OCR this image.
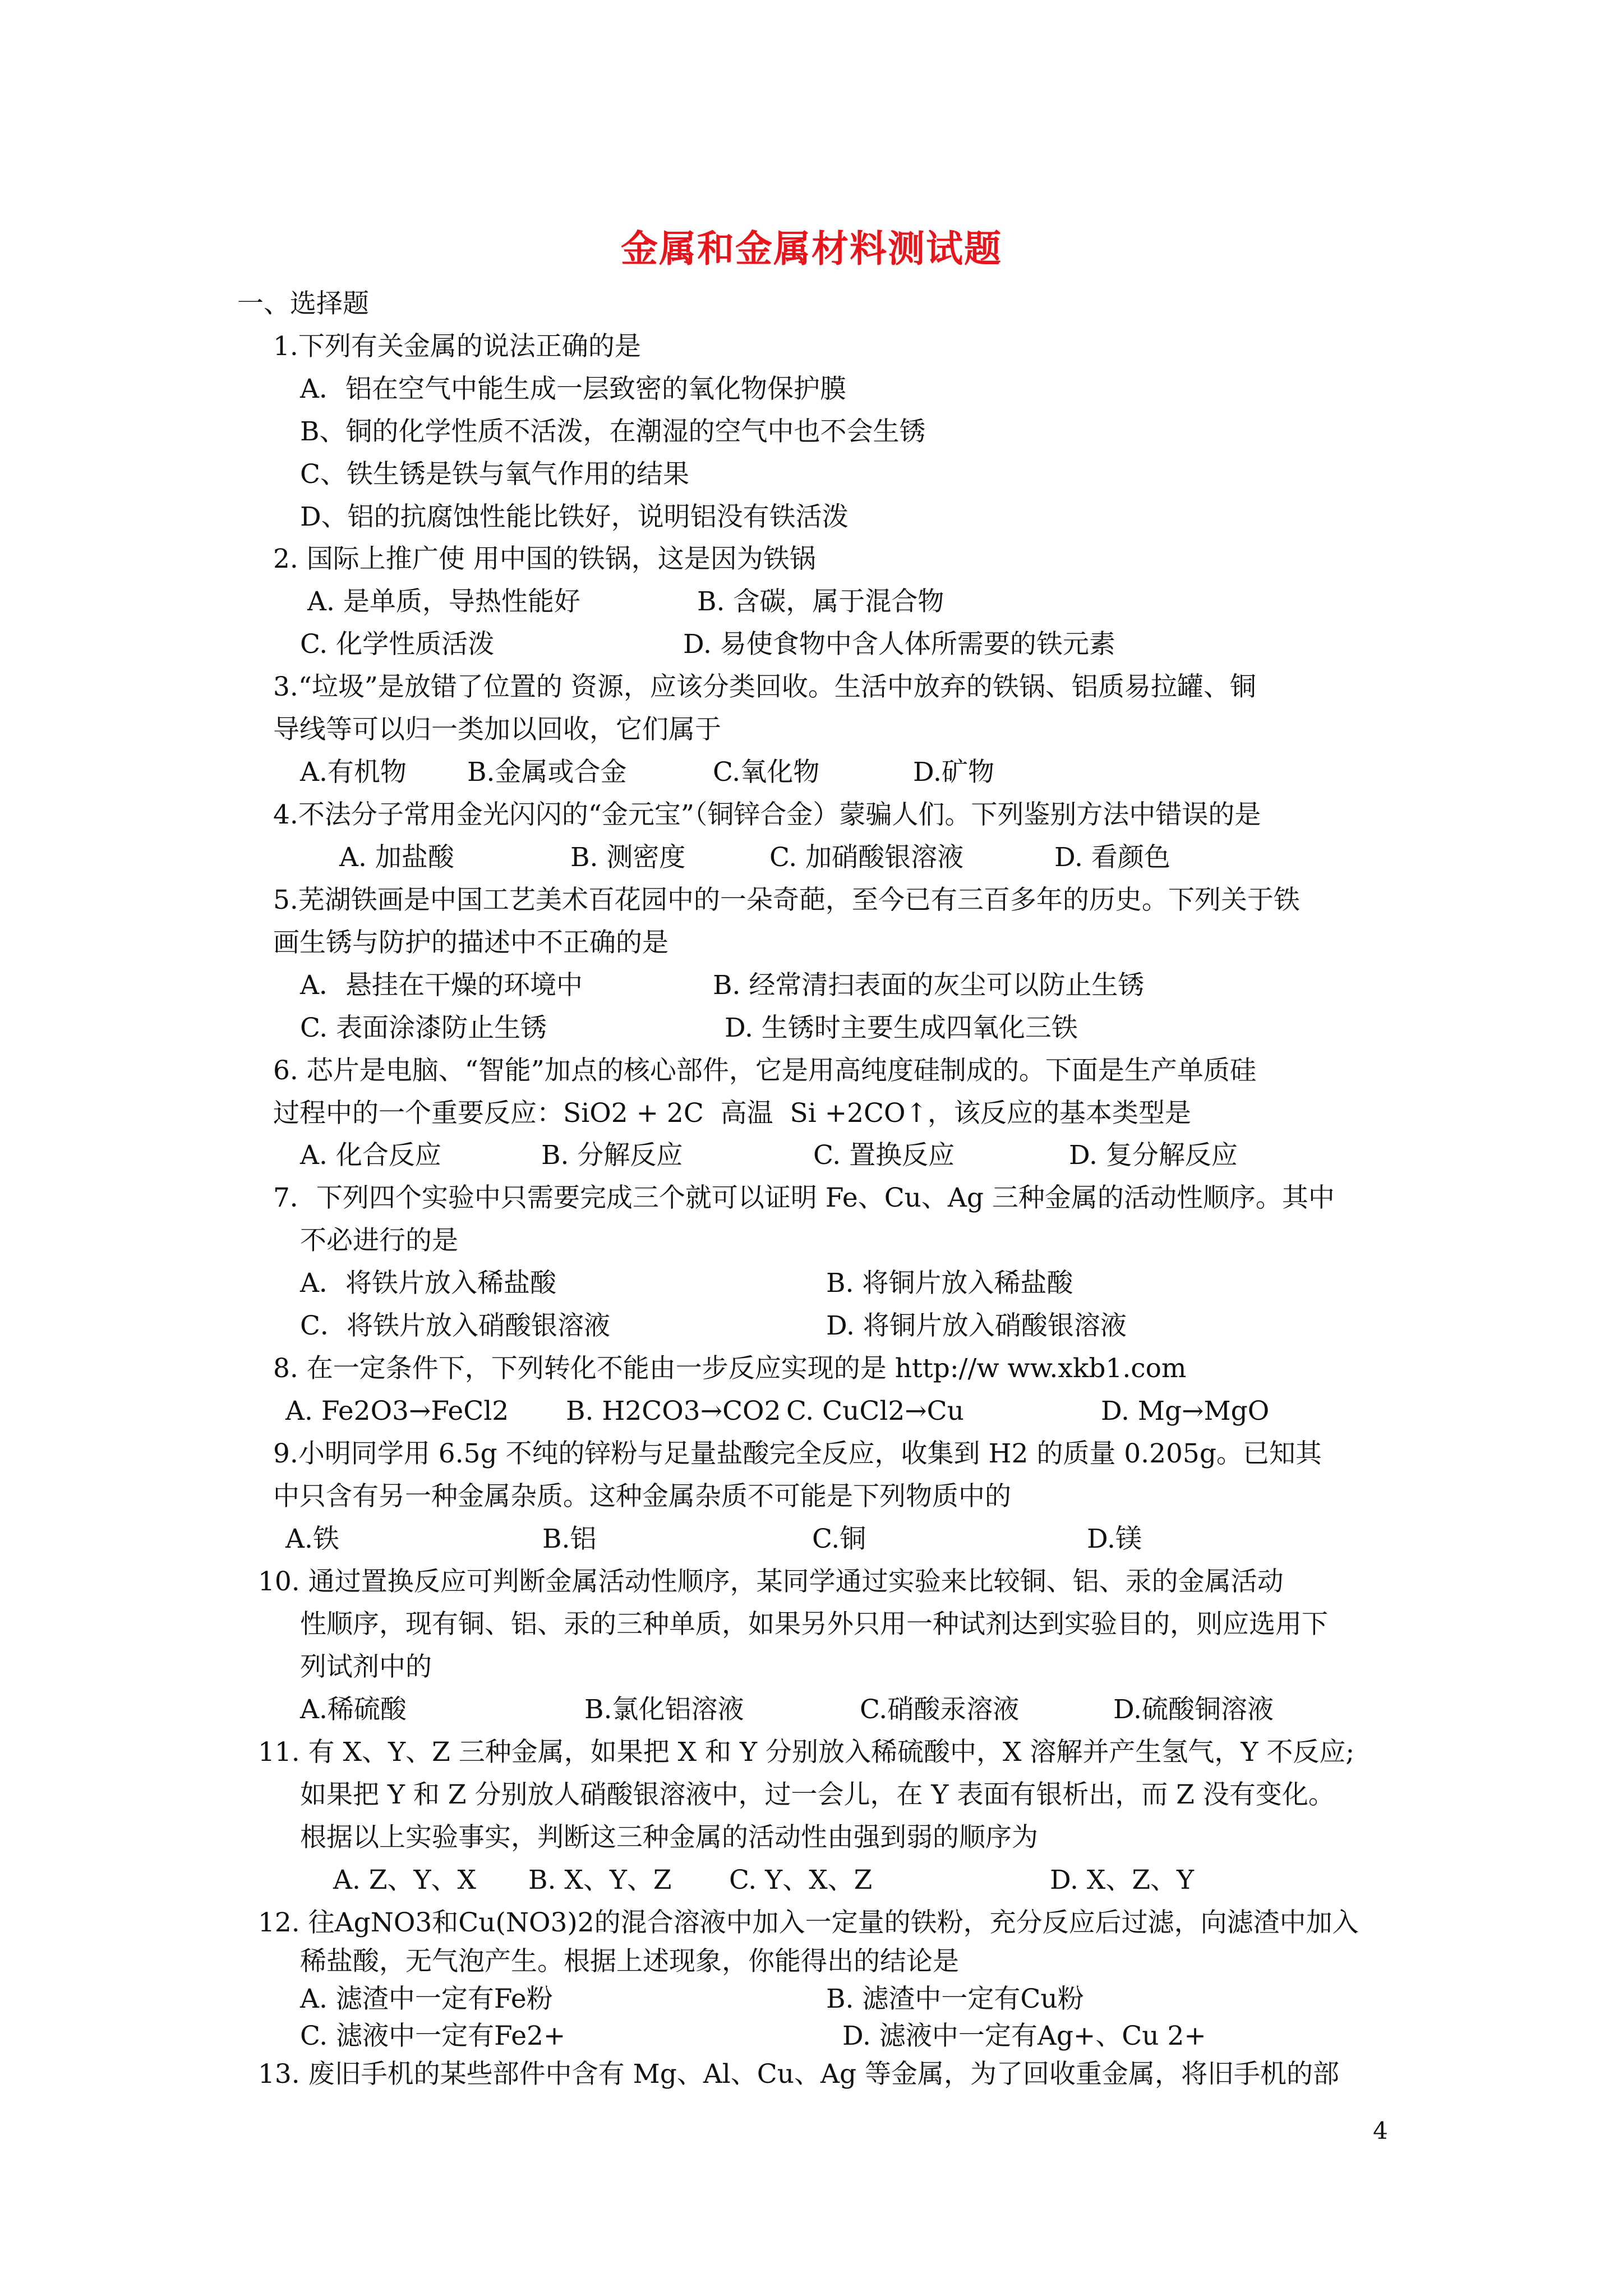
金属和金属材料测试题
一、选择题
1.下列有关金属的说法正确的是
A．铝在空气中能生成一层致密的氧化物保护膜
B、铜的化学性质不活泼，在潮湿的空气中也不会生锈
C、铁生锈是铁与氧气作用的结果
D、铝的抗腐蚀性能比铁好，说明铝没有铁活泼
2. 国际上推广使 用中国的铁锅，这是因为铁锅
A. 是单质，导热性能好	B. 含碳，属于混合物
C. 化学性质活泼	D. 易使食物中含人体所需要的铁元素
3.“垃圾”是放错了位置的 资源，应该分类回收。生活中放弃的铁锅、铝质易拉罐、铜
导线等可以归一类加以回收，它们属于
A.有机物 B.金属或合金	C.氧化物	D.矿物
4.不法分子常用金光闪闪的“金元宝”（铜锌合金）蒙骗人们。下列鉴别方法中错误的是
A. 加盐酸	B. 测密度	C. 加硝酸银溶液	D. 看颜色
5.芜湖铁画是中国工艺美术百花园中的一朵奇葩，至今已有三百多年的历史。下列关于铁
画生锈与防护的描述中不正确的是
A．悬挂在干燥的环境中	B. 经常清扫表面的灰尘可以防止生锈
C. 表面涂漆防止生锈	D. 生锈时主要生成四氧化三铁
6. 芯片是电脑、“智能”加点的核心部件，它是用高纯度硅制成的。下面是生产单质硅
过程中的一个重要反应：SiO2 + 2C  高温  Si +2CO↑，该反应的基本类型是
A. 化合反应	B. 分解反应	C. 置换反应	D. 复分解反应
7．下列四个实验中只需要完成三个就可以证明 Fe、Cu、Ag 三种金属的活动性顺序。其中
不必进行的是
A．将铁片放入稀盐酸	B. 将铜片放入稀盐酸
C．将铁片放入硝酸银溶液	D. 将铜片放入硝酸银溶液
8. 在一定条件下，下列转化不能由一步反应实现的是 http://w ww.xkb1.com
A. Fe2O3→FeCl2 B. H2CO3→CO2 C. CuCl2→Cu	D. Mg→MgO
9.小明同学用 6.5g 不纯的锌粉与足量盐酸完全反应，收集到 H2 的质量 0.205g。已知其
中只含有另一种金属杂质。这种金属杂质不可能是下列物质中的
A.铁	B.铝	C.铜	D.镁
10. 通过置换反应可判断金属活动性顺序，某同学通过实验来比较铜、铝、汞的金属活动
性顺序，现有铜、铝、汞的三种单质，如果另外只用一种试剂达到实验目的，则应选用下
列试剂中的
A.稀硫酸	B.氯化铝溶液	C.硝酸汞溶液	D.硫酸铜溶液
11. 有 X、Y、Z 三种金属，如果把 X 和 Y 分别放入稀硫酸中，X 溶解并产生氢气，Y 不反应;
如果把 Y 和 Z 分别放人硝酸银溶液中，过一会儿，在 Y 表面有银析出，而 Z 没有变化。
根据以上实验事实，判断这三种金属的活动性由强到弱的顺序为
A. Z、Y、X B. X、Y、Z C. Y、X、Z	D. X、Z、Y
12. 往AgNO3和Cu(NO3)2的混合溶液中加入一定量的铁粉，充分反应后过滤，向滤渣中加入
稀盐酸，无气泡产生。根据上述现象，你能得出的结论是
A. 滤渣中一定有Fe粉	B. 滤渣中一定有Cu粉
C. 滤液中一定有Fe2+	D. 滤液中一定有Ag+、Cu 2+
13. 废旧手机的某些部件中含有 Mg、Al、Cu、Ag 等金属，为了回收重金属，将旧手机的部
4
